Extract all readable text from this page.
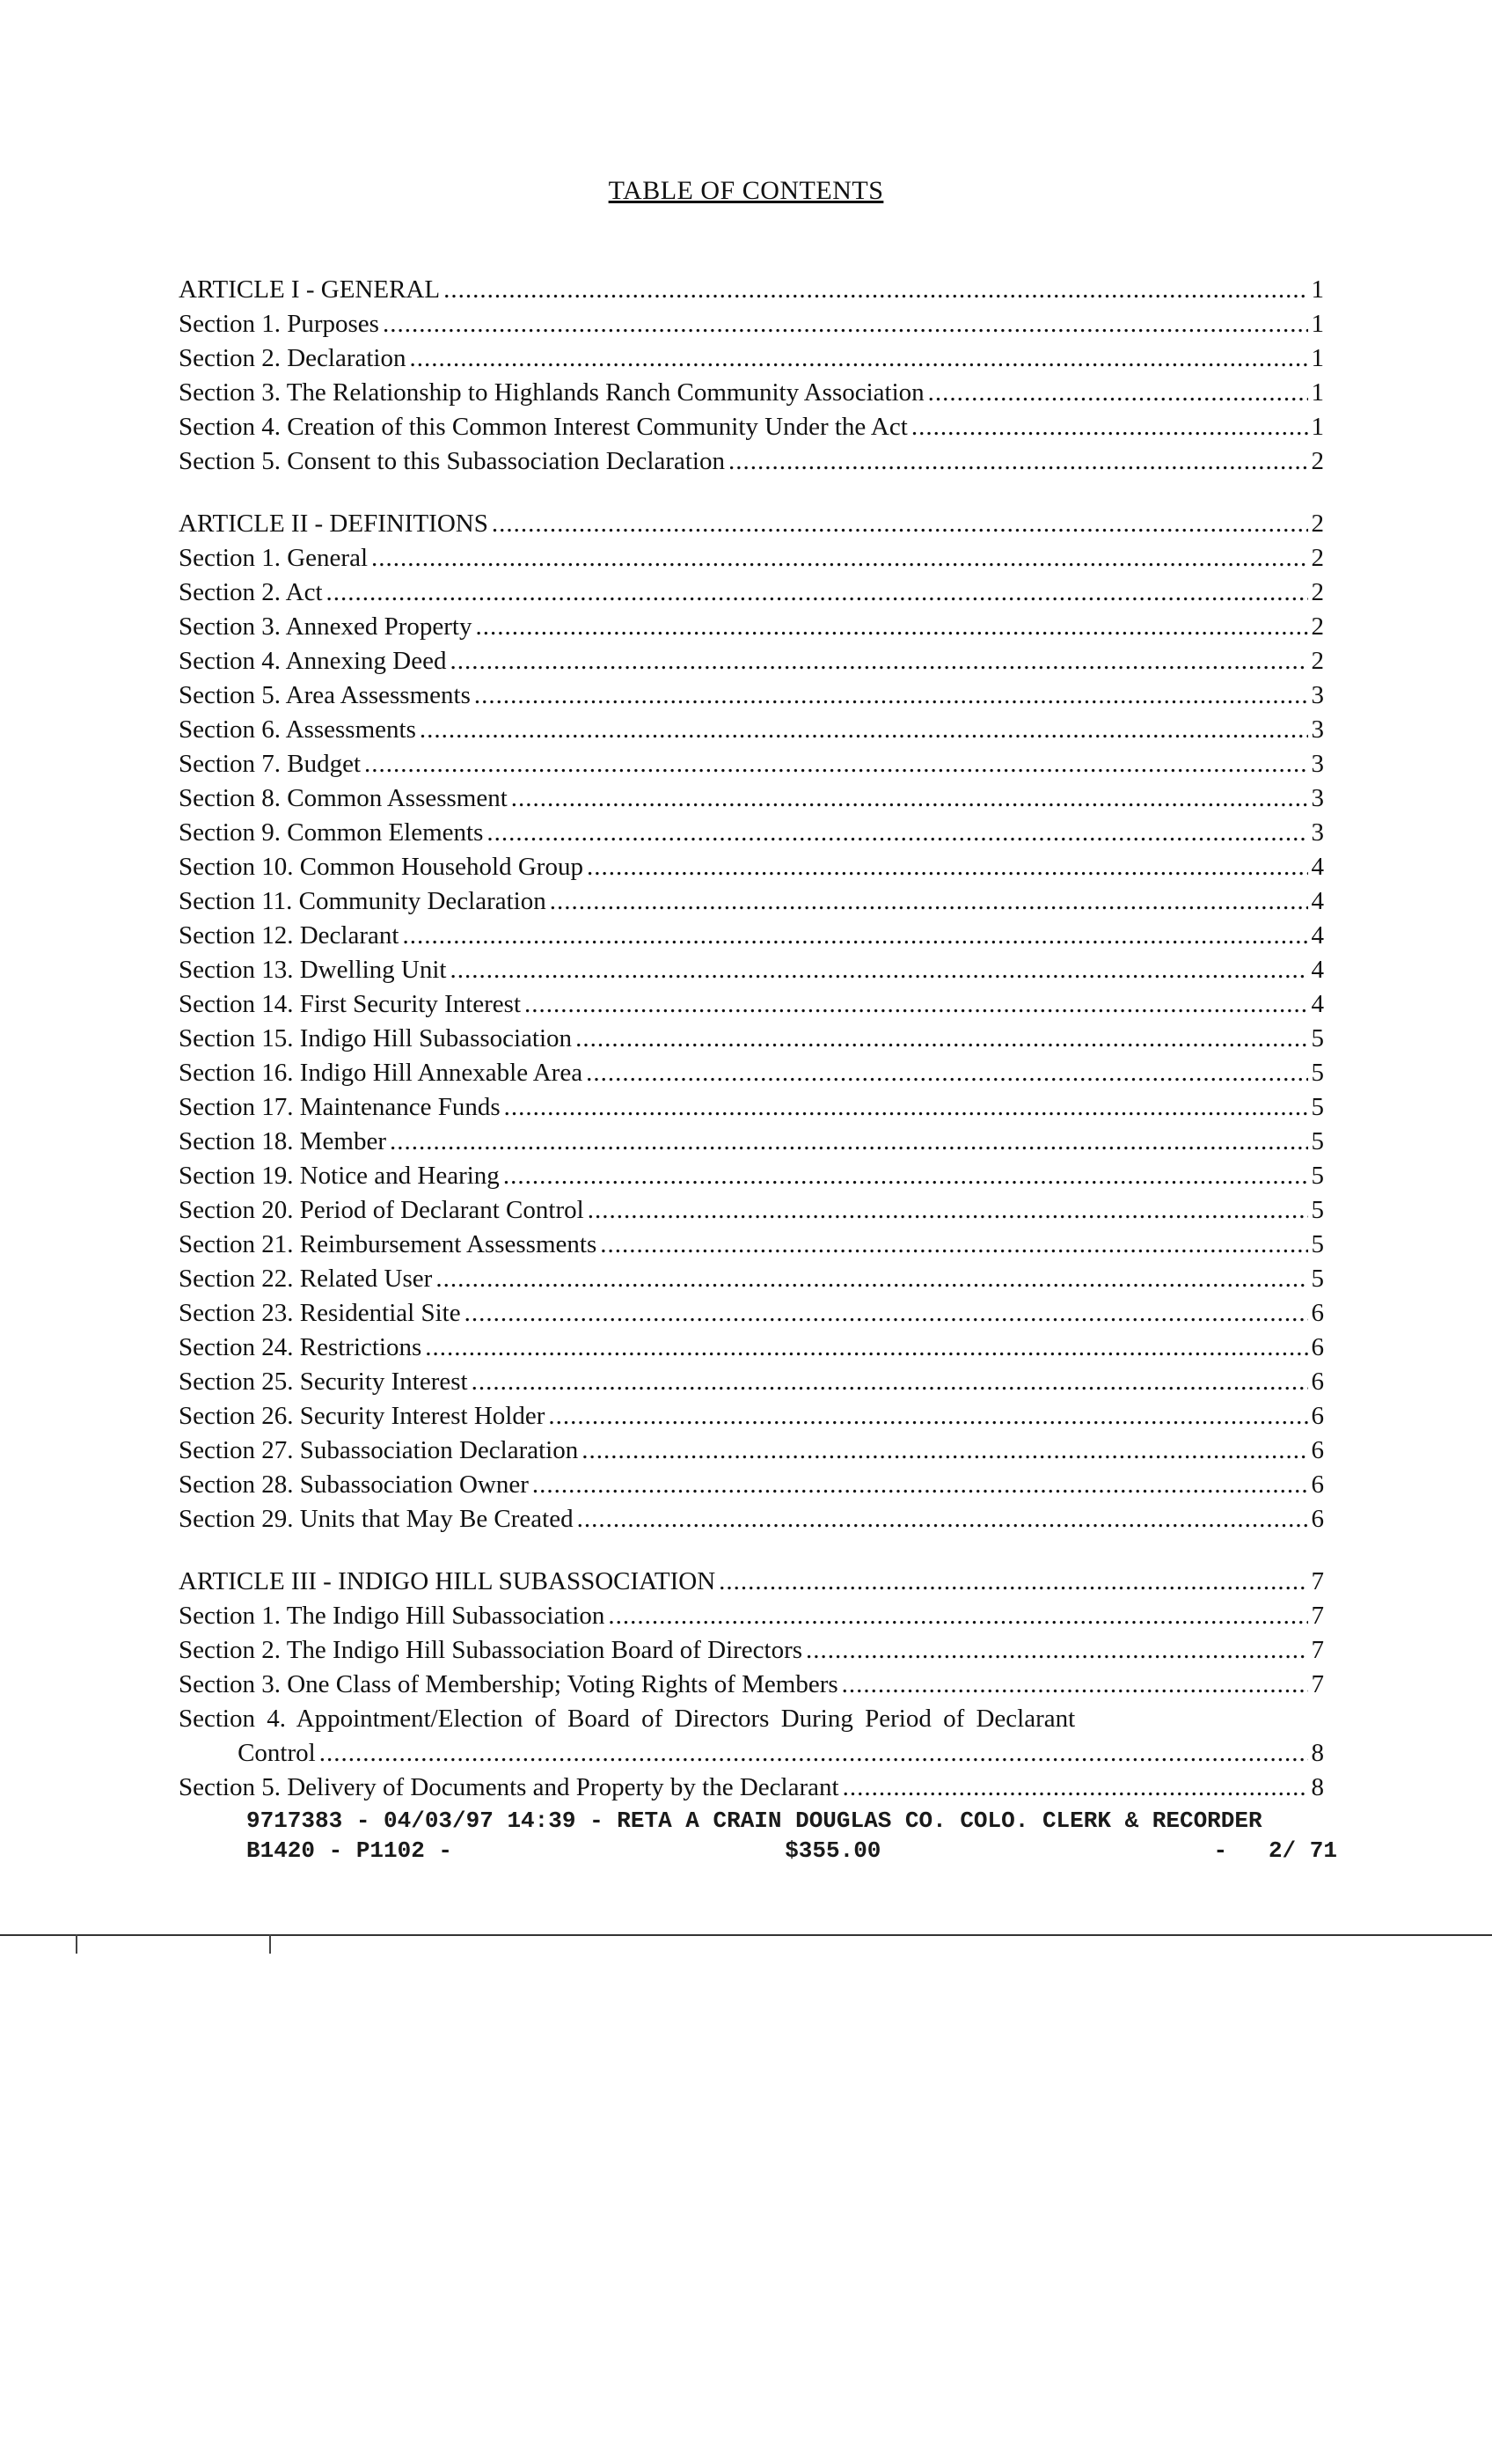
TABLE OF CONTENTS
ARTICLE I - GENERAL .....	1
Section 1. Purposes .....	1
Section 2. Declaration .....	1
Section 3. The Relationship to Highlands Ranch Community Association .....	1
Section 4. Creation of this Common Interest Community Under the Act .....	1
Section 5. Consent to this Subassociation Declaration .....	2
ARTICLE II - DEFINITIONS .....	2
Section 1. General .....	2
Section 2. Act .....	2
Section 3. Annexed Property .....	2
Section 4. Annexing Deed .....	2
Section 5. Area Assessments .....	3
Section 6. Assessments .....	3
Section 7. Budget .....	3
Section 8. Common Assessment .....	3
Section 9. Common Elements .....	3
Section 10. Common Household Group .....	4
Section 11. Community Declaration .....	4
Section 12. Declarant .....	4
Section 13. Dwelling Unit .....	4
Section 14. First Security Interest .....	4
Section 15. Indigo Hill Subassociation .....	5
Section 16. Indigo Hill Annexable Area .....	5
Section 17. Maintenance Funds .....	5
Section 18. Member .....	5
Section 19. Notice and Hearing .....	5
Section 20. Period of Declarant Control .....	5
Section 21. Reimbursement Assessments .....	5
Section 22. Related User .....	5
Section 23. Residential Site .....	6
Section 24. Restrictions .....	6
Section 25. Security Interest .....	6
Section 26. Security Interest Holder .....	6
Section 27. Subassociation Declaration .....	6
Section 28. Subassociation Owner .....	6
Section 29. Units that May Be Created .....	6
ARTICLE III - INDIGO HILL SUBASSOCIATION .....	7
Section 1. The Indigo Hill Subassociation .....	7
Section 2. The Indigo Hill Subassociation Board of Directors .....	7
Section 3. One Class of Membership; Voting Rights of Members .....	7
Section 4. Appointment/Election of Board of Directors During Period of Declarant
Control .....	8
Section 5. Delivery of Documents and Property by the Declarant .....	8
9717383 - 04/03/97 14:39 - RETA A CRAIN DOUGLAS CO. COLO. CLERK & RECORDER
B1420 - P1102 -	$355.00	-   2/ 71
